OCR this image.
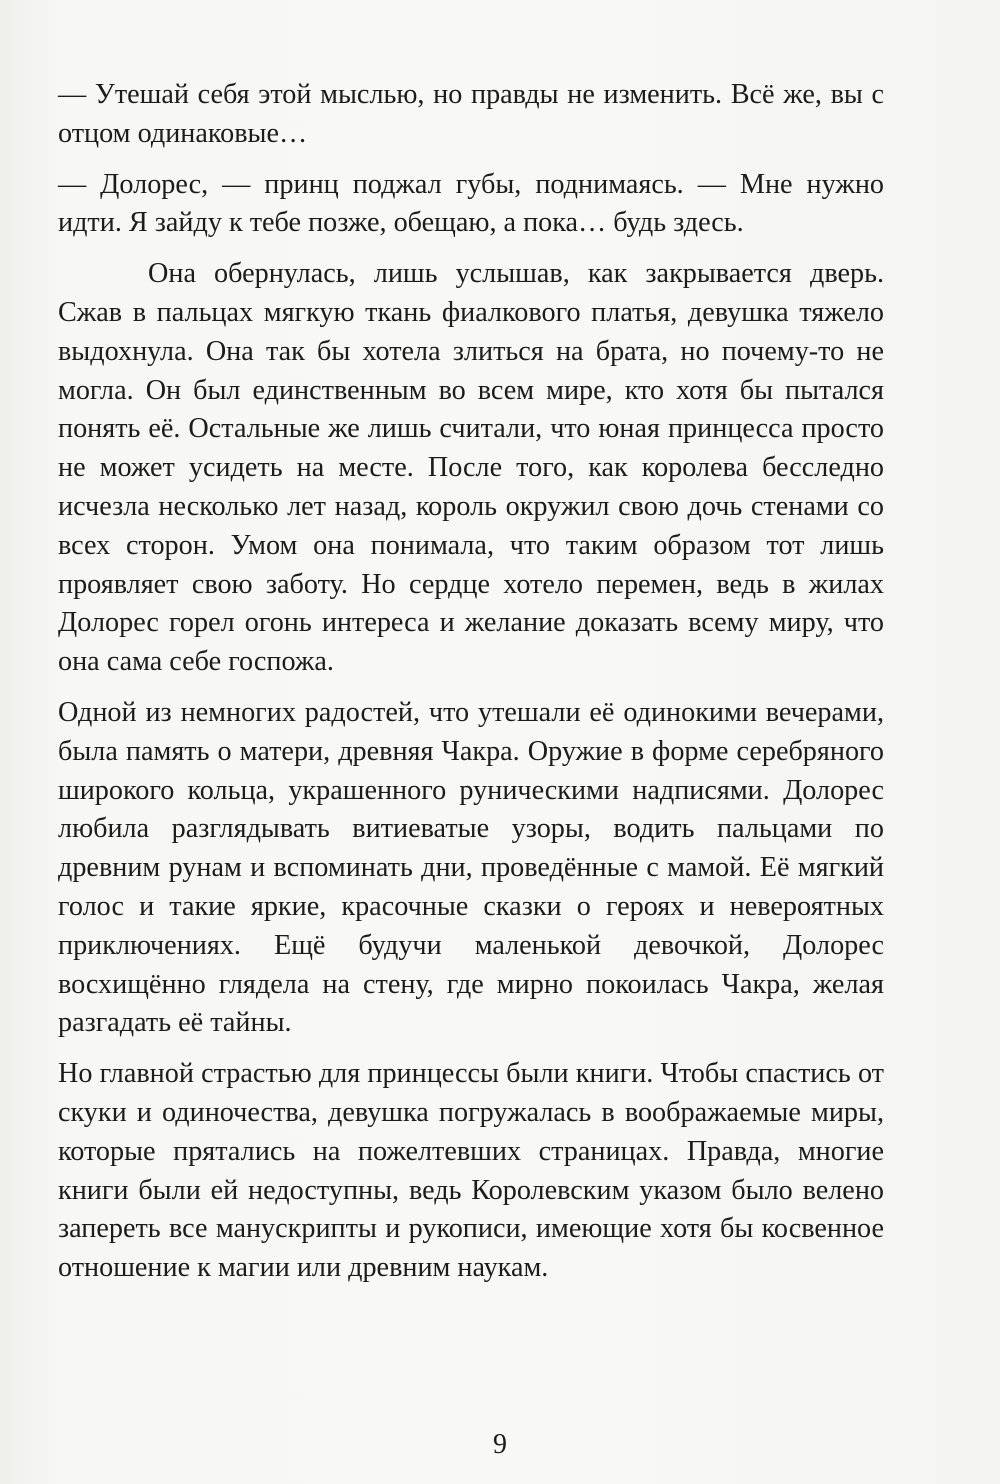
— Утешай себя этой мыслью, но правды не изменить. Всё же, вы с отцом одинаковые…

— Долорес, — принц поджал губы, поднимаясь. — Мне нужно идти. Я зайду к тебе позже, обещаю, а пока… будь здесь.

Она обернулась, лишь услышав, как закрывается дверь. Сжав в пальцах мягкую ткань фиалкового платья, девушка тяжело выдохнула. Она так бы хотела злиться на брата, но почему-то не могла. Он был единственным во всем мире, кто хотя бы пытался понять её. Остальные же лишь считали, что юная принцесса просто не может усидеть на месте. После того, как королева бесследно исчезла несколько лет назад, король окружил свою дочь стенами со всех сторон. Умом она понимала, что таким образом тот лишь проявляет свою заботу. Но сердце хотело перемен, ведь в жилах Долорес горел огонь интереса и желание доказать всему миру, что она сама себе госпожа.

Одной из немногих радостей, что утешали её одинокими вечерами, была память о матери, древняя Чакра. Оружие в форме серебряного широкого кольца, украшенного руническими надписями. Долорес любила разглядывать витиеватые узоры, водить пальцами по древним рунам и вспоминать дни, проведённые с мамой. Её мягкий голос и такие яркие, красочные сказки о героях и невероятных приключениях. Ещё будучи маленькой девочкой, Долорес восхищённо глядела на стену, где мирно покоилась Чакра, желая разгадать её тайны.

Но главной страстью для принцессы были книги. Чтобы спастись от скуки и одиночества, девушка погружалась в воображаемые миры, которые прятались на пожелтевших страницах. Правда, многие книги были ей недоступны, ведь Королевским указом было велено запереть все манускрипты и рукописи, имеющие хотя бы косвенное отношение к магии или древним наукам.

9
